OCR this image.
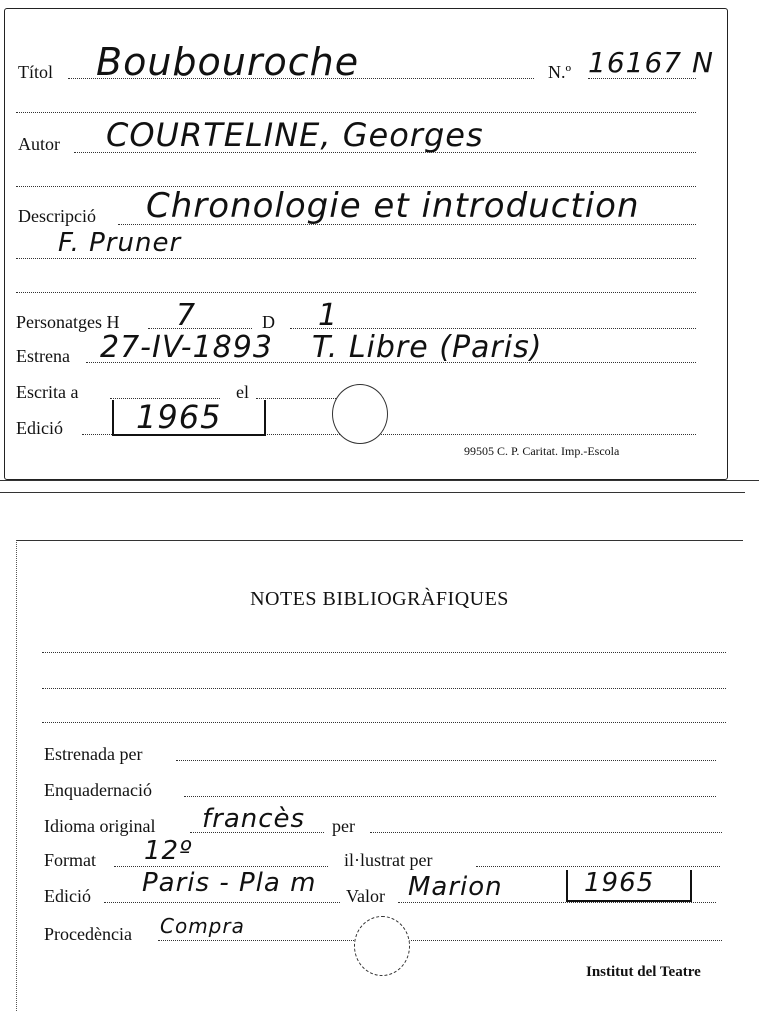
Títol Boubouroche	N.º 16167 N
Autor COURTELINE, Georges
Descripció Chronologie et introduction
F. Pruner
Personatges H 7	D 1
Estrena 27-IV-1893 T. Libre (Paris)
Escrita a	el
Edició 1965
99505 C. P. Caritat. Imp.-Escola
NOTES BIBLIOGRÀFIQUES
Estrenada per
Enquadernació
Idioma original francès per
Format 12º	il·lustrat per
Edició Paris - Pla m Valor Marion	1965
Procedència Compra
Institut del Teatre
